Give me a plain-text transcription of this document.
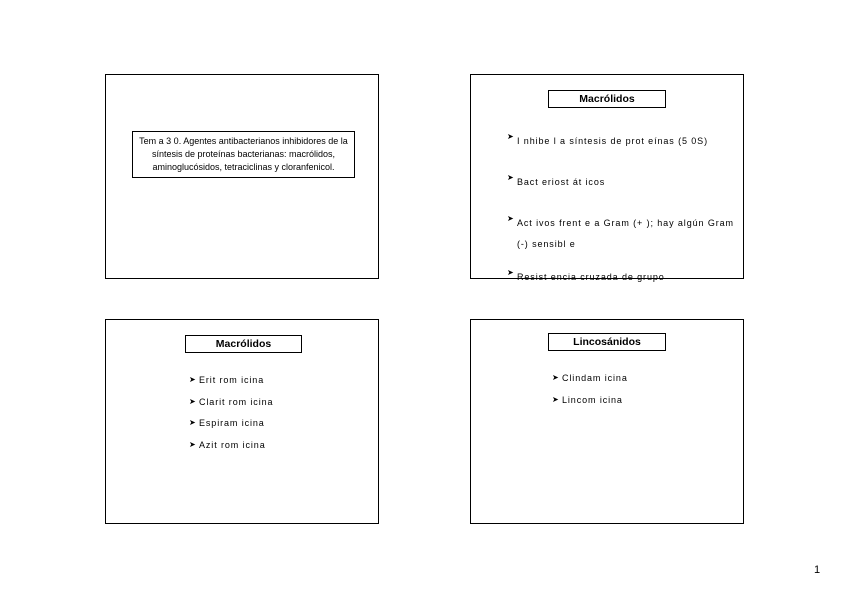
Tem a 3 0. Agentes antibacterianos inhibidores de la síntesis de proteínas bacterianas: macrólidos, aminoglucósidos, tetraciclinas y cloranfenicol.
Macrólidos
➤ I nhibe l a síntesis de prot eínas (5 0S)
➤ Bact eriost át icos
➤ Act ivos frent e a Gram (+ ); hay algún Gram (-) sensibl e
➤ Resist encia cruzada de grupo
Macrólidos
➤ Erit rom icina
➤ Clarit rom icina
➤ Espiram icina
➤ Azit rom icina
Lincosánidos
➤ Clindam icina
➤ Lincom icina
1
